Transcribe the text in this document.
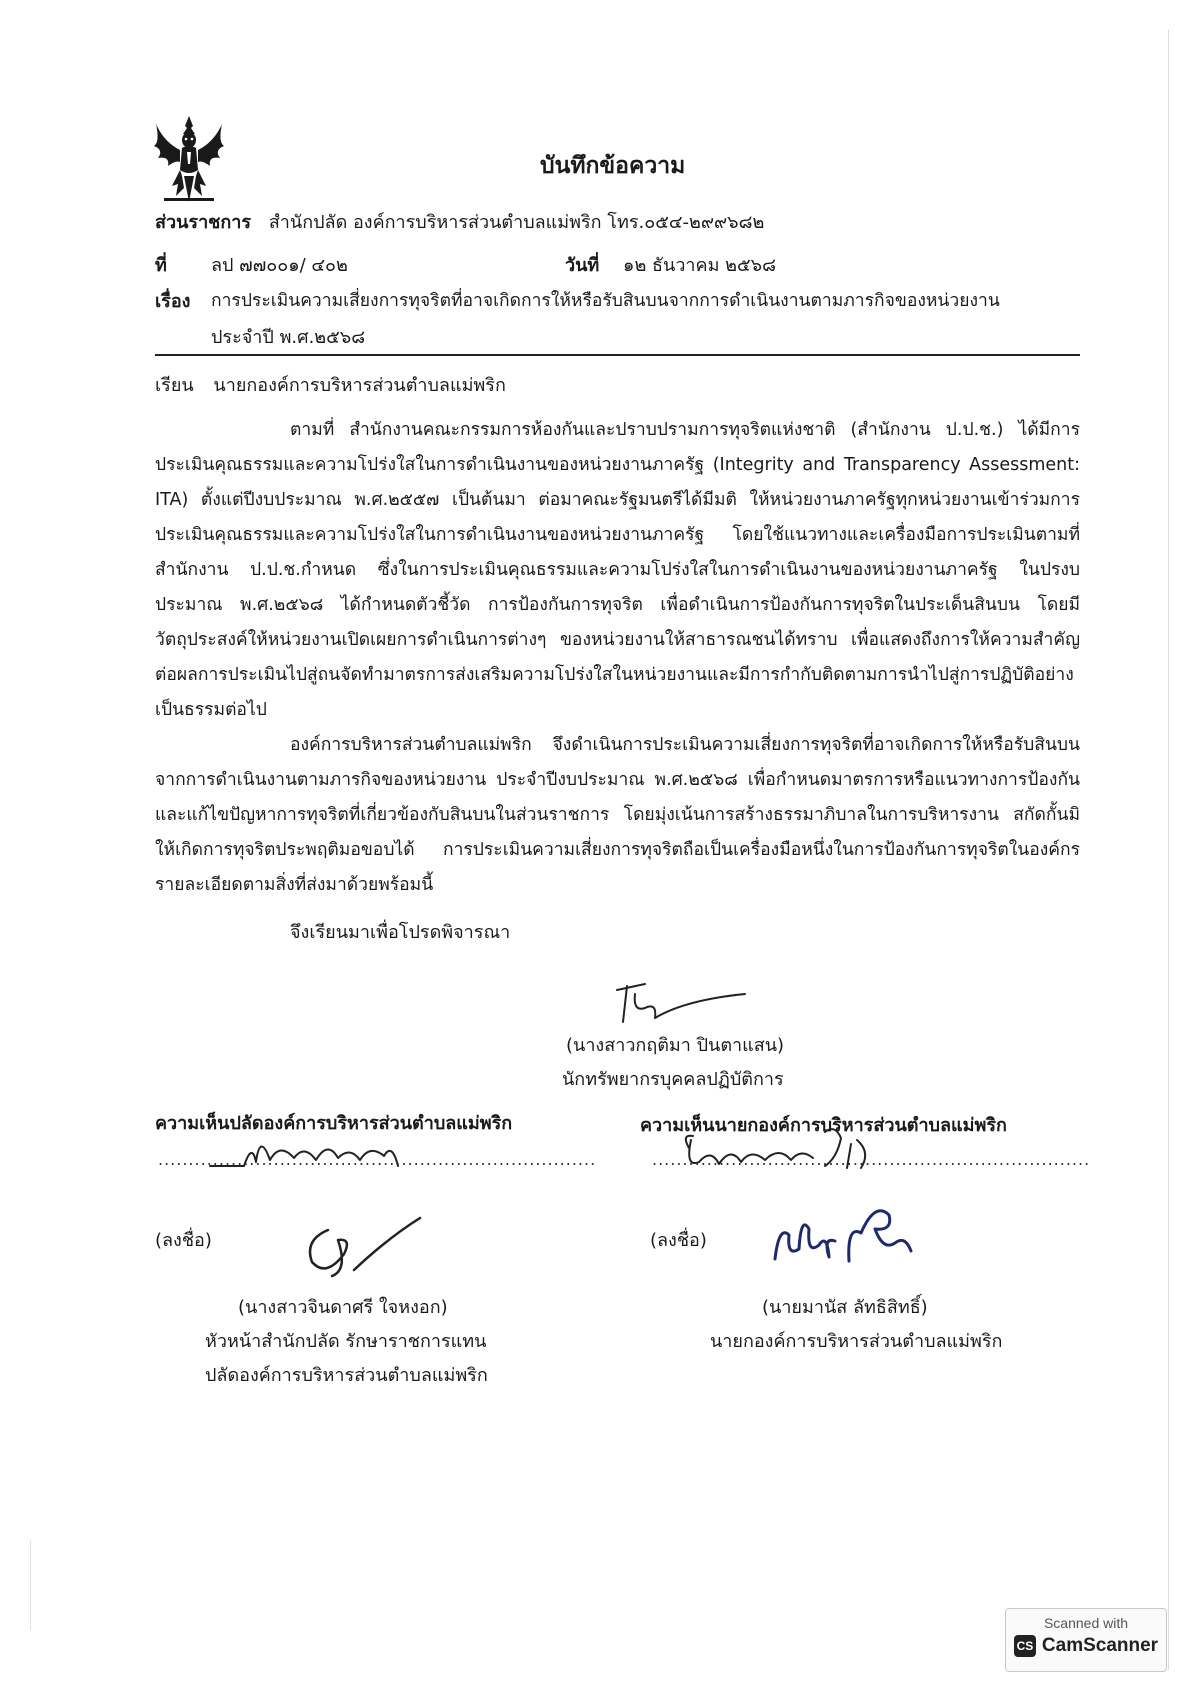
บันทึกข้อความ
ส่วนราชการ สำนักปลัด องค์การบริหารส่วนตำบลแม่พริก โทร.๐๕๔-๒๙๙๖๘๒
ที่ ลป ๗๗๐๐๑/ ๔๐๒	วันที่ ๑๒ ธันวาคม ๒๕๖๘
เรื่อง การประเมินความเสี่ยงการทุจริตที่อาจเกิดการให้หรือรับสินบนจากการดำเนินงานตามภารกิจของหน่วยงาน
ประจำปี พ.ศ.๒๕๖๘
เรียน นายกองค์การบริหารส่วนตำบลแม่พริก

ตามที่ สำนักงานคณะกรรมการห้องกันและปราบปรามการทุจริตแห่งชาติ (สำนักงาน ป.ป.ช.) ได้มีการประเมินคุณธรรมและความโปร่งใสในการดำเนินงานของหน่วยงานภาครัฐ (Integrity and Transparency Assessment: ITA) ตั้งแต่ปีงบประมาณ พ.ศ.๒๕๕๗ เป็นต้นมา ต่อมาคณะรัฐมนตรีได้มีมติ ให้หน่วยงานภาครัฐทุกหน่วยงานเข้าร่วมการประเมินคุณธรรมและความโปร่งใสในการดำเนินงานของหน่วยงานภาครัฐ โดยใช้แนวทางและเครื่องมือการประเมินตามที่สำนักงาน ป.ป.ช.กำหนด ซึ่งในการประเมินคุณธรรมและความโปร่งใสในการดำเนินงานของหน่วยงานภาครัฐ ในปรงบประมาณ พ.ศ.๒๕๖๘ ได้กำหนดตัวชี้วัด การป้องกันการทุจริต เพื่อดำเนินการป้องกันการทุจริตในประเด็นสินบน โดยมีวัตถุประสงค์ให้หน่วยงานเปิดเผยการดำเนินการต่างๆ ของหน่วยงานให้สาธารณชนได้ทราบ เพื่อแสดงถึงการให้ความสำคัญต่อผลการประเมินไปสู่ถนจัดทำมาตรการส่งเสริมความโปร่งใสในหน่วยงานและมีการกำกับติดตามการนำไปสู่การปฏิบัติอย่างเป็นธรรมต่อไป

องค์การบริหารส่วนตำบลแม่พริก จึงดำเนินการประเมินความเสี่ยงการทุจริตที่อาจเกิดการให้หรือรับสินบนจากการดำเนินงานตามภารกิจของหน่วยงาน ประจำปีงบประมาณ พ.ศ.๒๕๖๘ เพื่อกำหนดมาตรการหรือแนวทางการป้องกันและแก้ไขปัญหาการทุจริตที่เกี่ยวข้องกับสินบนในส่วนราชการ โดยมุ่งเน้นการสร้างธรรมาภิบาลในการบริหารงาน สกัดกั้นมิให้เกิดการทุจริตประพฤติมอขอบได้ การประเมินความเสี่ยงการทุจริตถือเป็นเครื่องมือหนึ่งในการป้องกันการทุจริตในองค์กร รายละเอียดตามสิ่งที่ส่งมาด้วยพร้อมนี้

จึงเรียนมาเพื่อโปรดพิจารณา
(นางสาวกฤติมา ปินตาแสน)
นักทรัพยากรบุคคลปฏิบัติการ
ความเห็นปลัดองค์การบริหารส่วนตำบลแม่พริก
........................................................................
(ลงชื่อ)
(นางสาวจินดาศรี ใจหงอก)
หัวหน้าสำนักปลัด รักษาราชการแทน
ปลัดองค์การบริหารส่วนตำบลแม่พริก
ความเห็นนายกองค์การบริหารส่วนตำบลแม่พริก
........................................................................
(ลงชื่อ)
(นายมานัส ลัทธิสิทธิ์)
นายกองค์การบริหารส่วนตำบลแม่พริก
Scanned with
CS CamScanner
